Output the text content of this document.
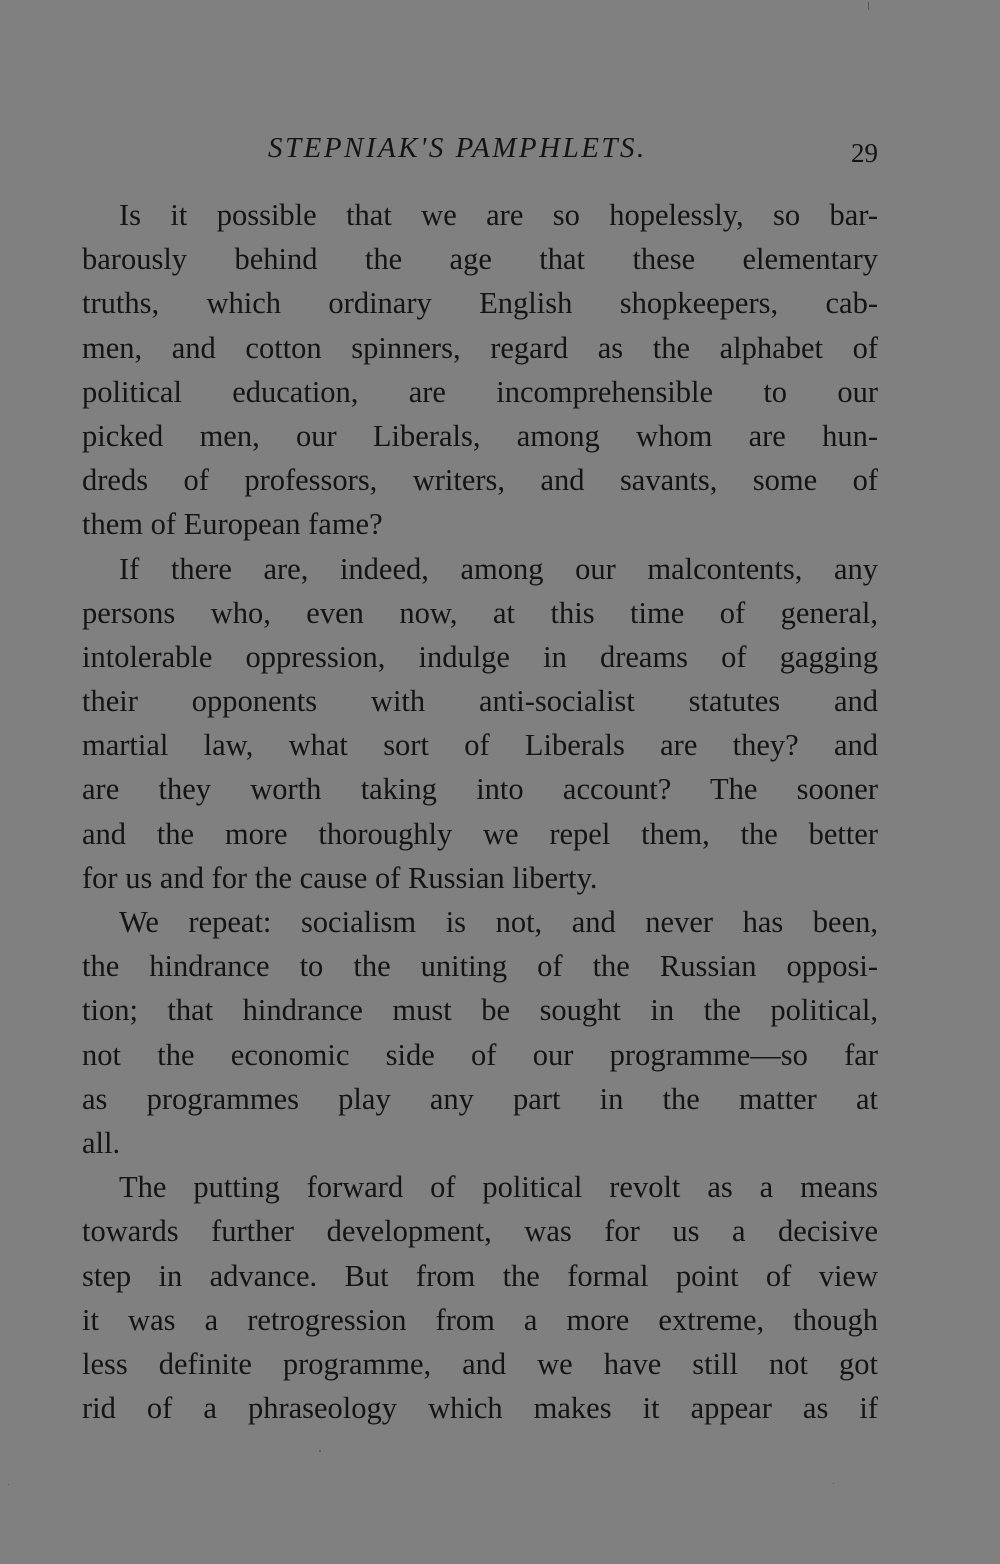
STEPNIAK'S PAMPHLETS.	29
Is it possible that we are so hopelessly, so bar-
barously behind the age that these elementary
truths, which ordinary English shopkeepers, cab-
men, and cotton spinners, regard as the alphabet of
political education, are incomprehensible to our
picked men, our Liberals, among whom are hun-
dreds of professors, writers, and savants, some of
them of European fame?
If there are, indeed, among our malcontents, any
persons who, even now, at this time of general,
intolerable oppression, indulge in dreams of gagging
their opponents with anti-socialist statutes and
martial law, what sort of Liberals are they? and
are they worth taking into account? The sooner
and the more thoroughly we repel them, the better
for us and for the cause of Russian liberty.
We repeat: socialism is not, and never has been,
the hindrance to the uniting of the Russian opposi-
tion; that hindrance must be sought in the political,
not the economic side of our programme—so far
as programmes play any part in the matter at
all.
The putting forward of political revolt as a means
towards further development, was for us a decisive
step in advance. But from the formal point of view
it was a retrogression from a more extreme, though
less definite programme, and we have still not got
rid of a phraseology which makes it appear as if
